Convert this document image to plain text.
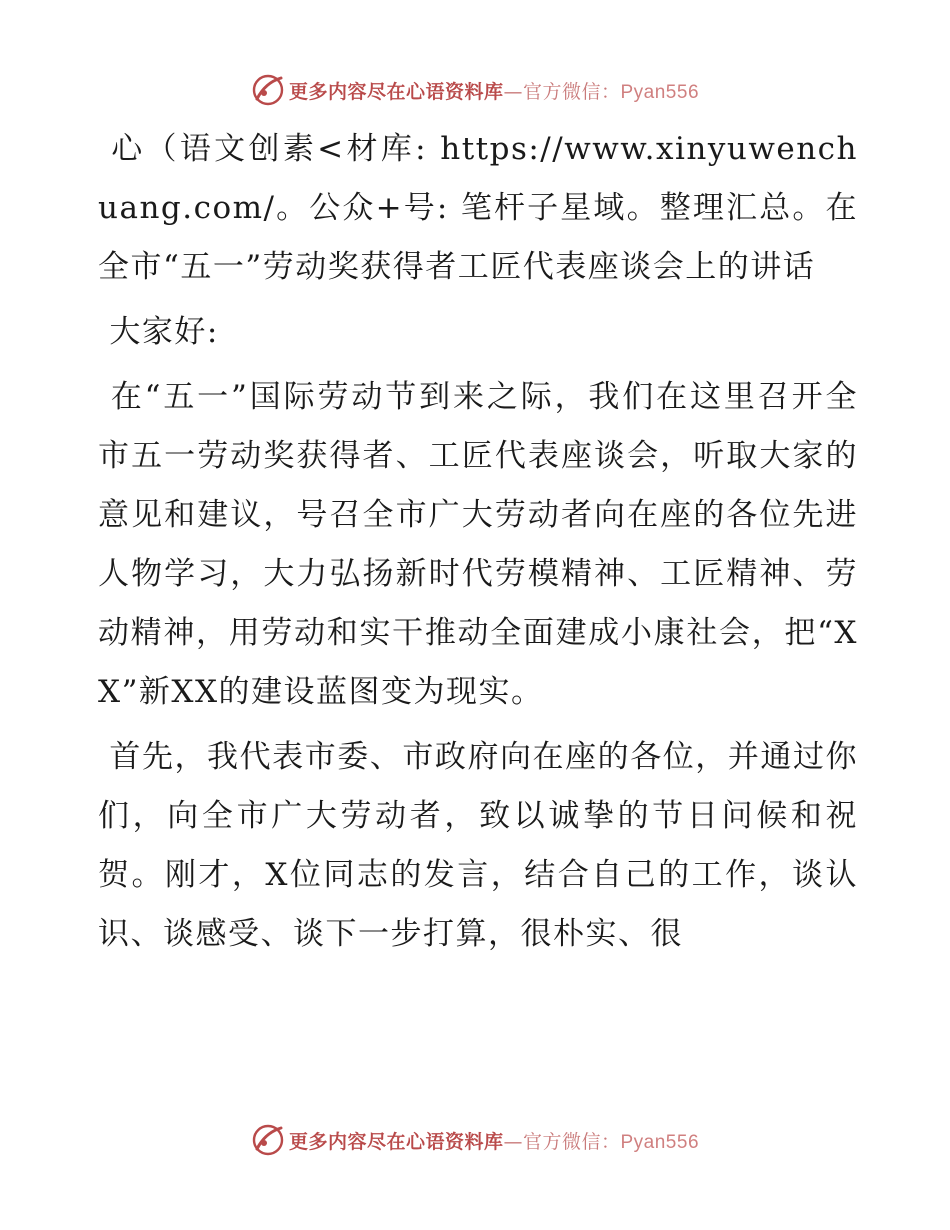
更多内容尽在心语资料库—官方微信：Pyan556

心（语文创素<材库: https://www.xinyuwenchuang.com/。公众+号: 笔杆子星域。整理汇总。在全市“五一”劳动奖获得者工匠代表座谈会上的讲话

大家好:

在“五一”国际劳动节到来之际，我们在这里召开全市五一劳动奖获得者、工匠代表座谈会，听取大家的意见和建议，号召全市广大劳动者向在座的各位先进人物学习，大力弘扬新时代劳模精神、工匠精神、劳动精神，用劳动和实干推动全面建成小康社会，把“XX”新XX的建设蓝图变为现实。

首先，我代表市委、市政府向在座的各位，并通过你们，向全市广大劳动者，致以诚挚的节日问候和祝贺。刚才，X位同志的发言，结合自己的工作，谈认识、谈感受、谈下一步打算，很朴实、很

更多内容尽在心语资料库—官方微信：Pyan556
